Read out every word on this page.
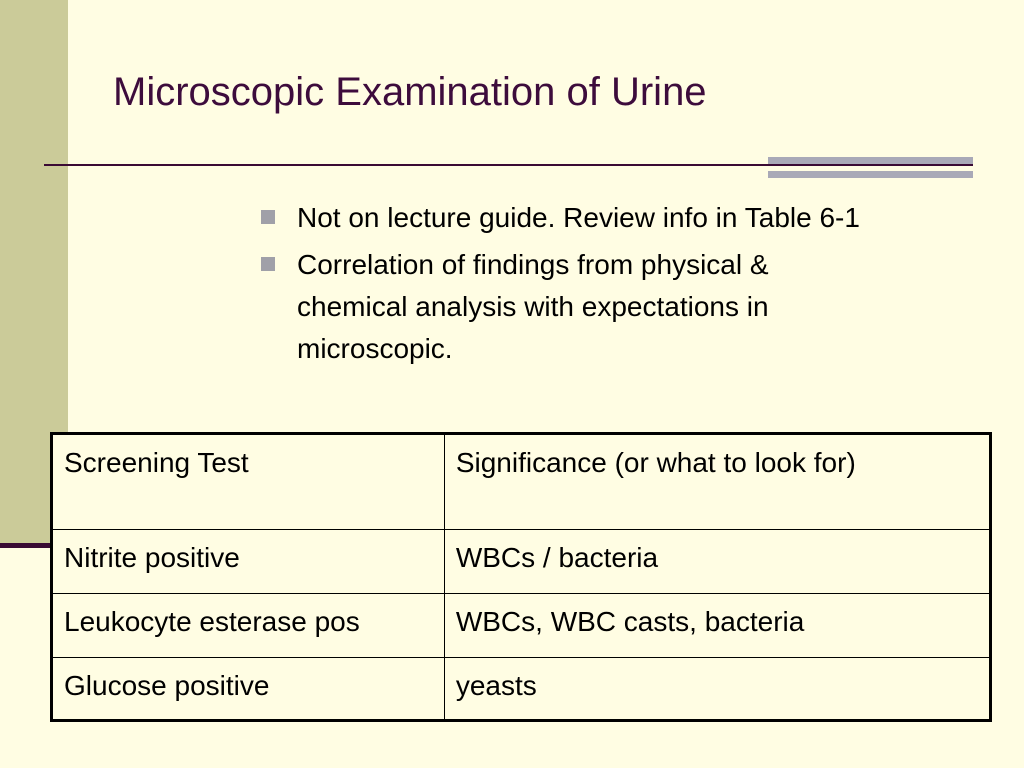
Microscopic Examination of Urine
Not on lecture guide. Review info in Table 6-1
Correlation of findings from physical & chemical analysis with expectations in microscopic.
Screening Test	Significance (or what to look for)
Nitrite positive	WBCs / bacteria
Leukocyte esterase pos	WBCs, WBC casts, bacteria
Glucose positive	yeasts
